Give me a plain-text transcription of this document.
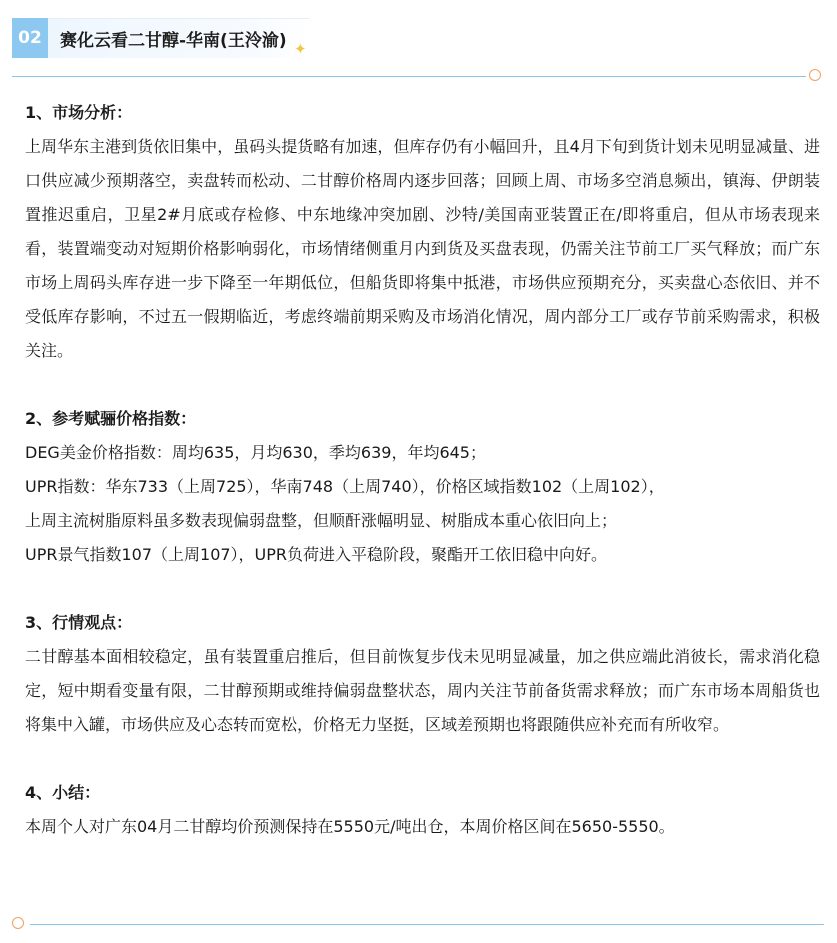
02	赛化云看二甘醇-华南(王泠渝) ✦
1、市场分析：

上周华东主港到货依旧集中，虽码头提货略有加速，但库存仍有小幅回升，且4月下旬到货计划未见明显减量、进口供应减少预期落空，卖盘转而松动、二甘醇价格周内逐步回落；回顾上周、市场多空消息频出，镇海、伊朗装置推迟重启，卫星2#月底或存检修、中东地缘冲突加剧、沙特/美国南亚装置正在/即将重启，但从市场表现来看，装置端变动对短期价格影响弱化，市场情绪侧重月内到货及买盘表现，仍需关注节前工厂买气释放；而广东市场上周码头库存进一步下降至一年期低位，但船货即将集中抵港，市场供应预期充分，买卖盘心态依旧、并不受低库存影响，不过五一假期临近，考虑终端前期采购及市场消化情况，周内部分工厂或存节前采购需求，积极关注。

2、参考赋骊价格指数：
DEG美金价格指数：周均635，月均630，季均639，年均645；
UPR指数：华东733（上周725），华南748（上周740），价格区域指数102（上周102），
上周主流树脂原料虽多数表现偏弱盘整，但顺酐涨幅明显、树脂成本重心依旧向上；
UPR景气指数107（上周107），UPR负荷进入平稳阶段，聚酯开工依旧稳中向好。
3、行情观点：

二甘醇基本面相较稳定，虽有装置重启推后，但目前恢复步伐未见明显减量，加之供应端此消彼长，需求消化稳定，短中期看变量有限，二甘醇预期或维持偏弱盘整状态，周内关注节前备货需求释放；而广东市场本周船货也将集中入罐，市场供应及心态转而宽松，价格无力坚挺，区域差预期也将跟随供应补充而有所收窄。

4、小结：

本周个人对广东04月二甘醇均价预测保持在5550元/吨出仓，本周价格区间在5650-5550。
